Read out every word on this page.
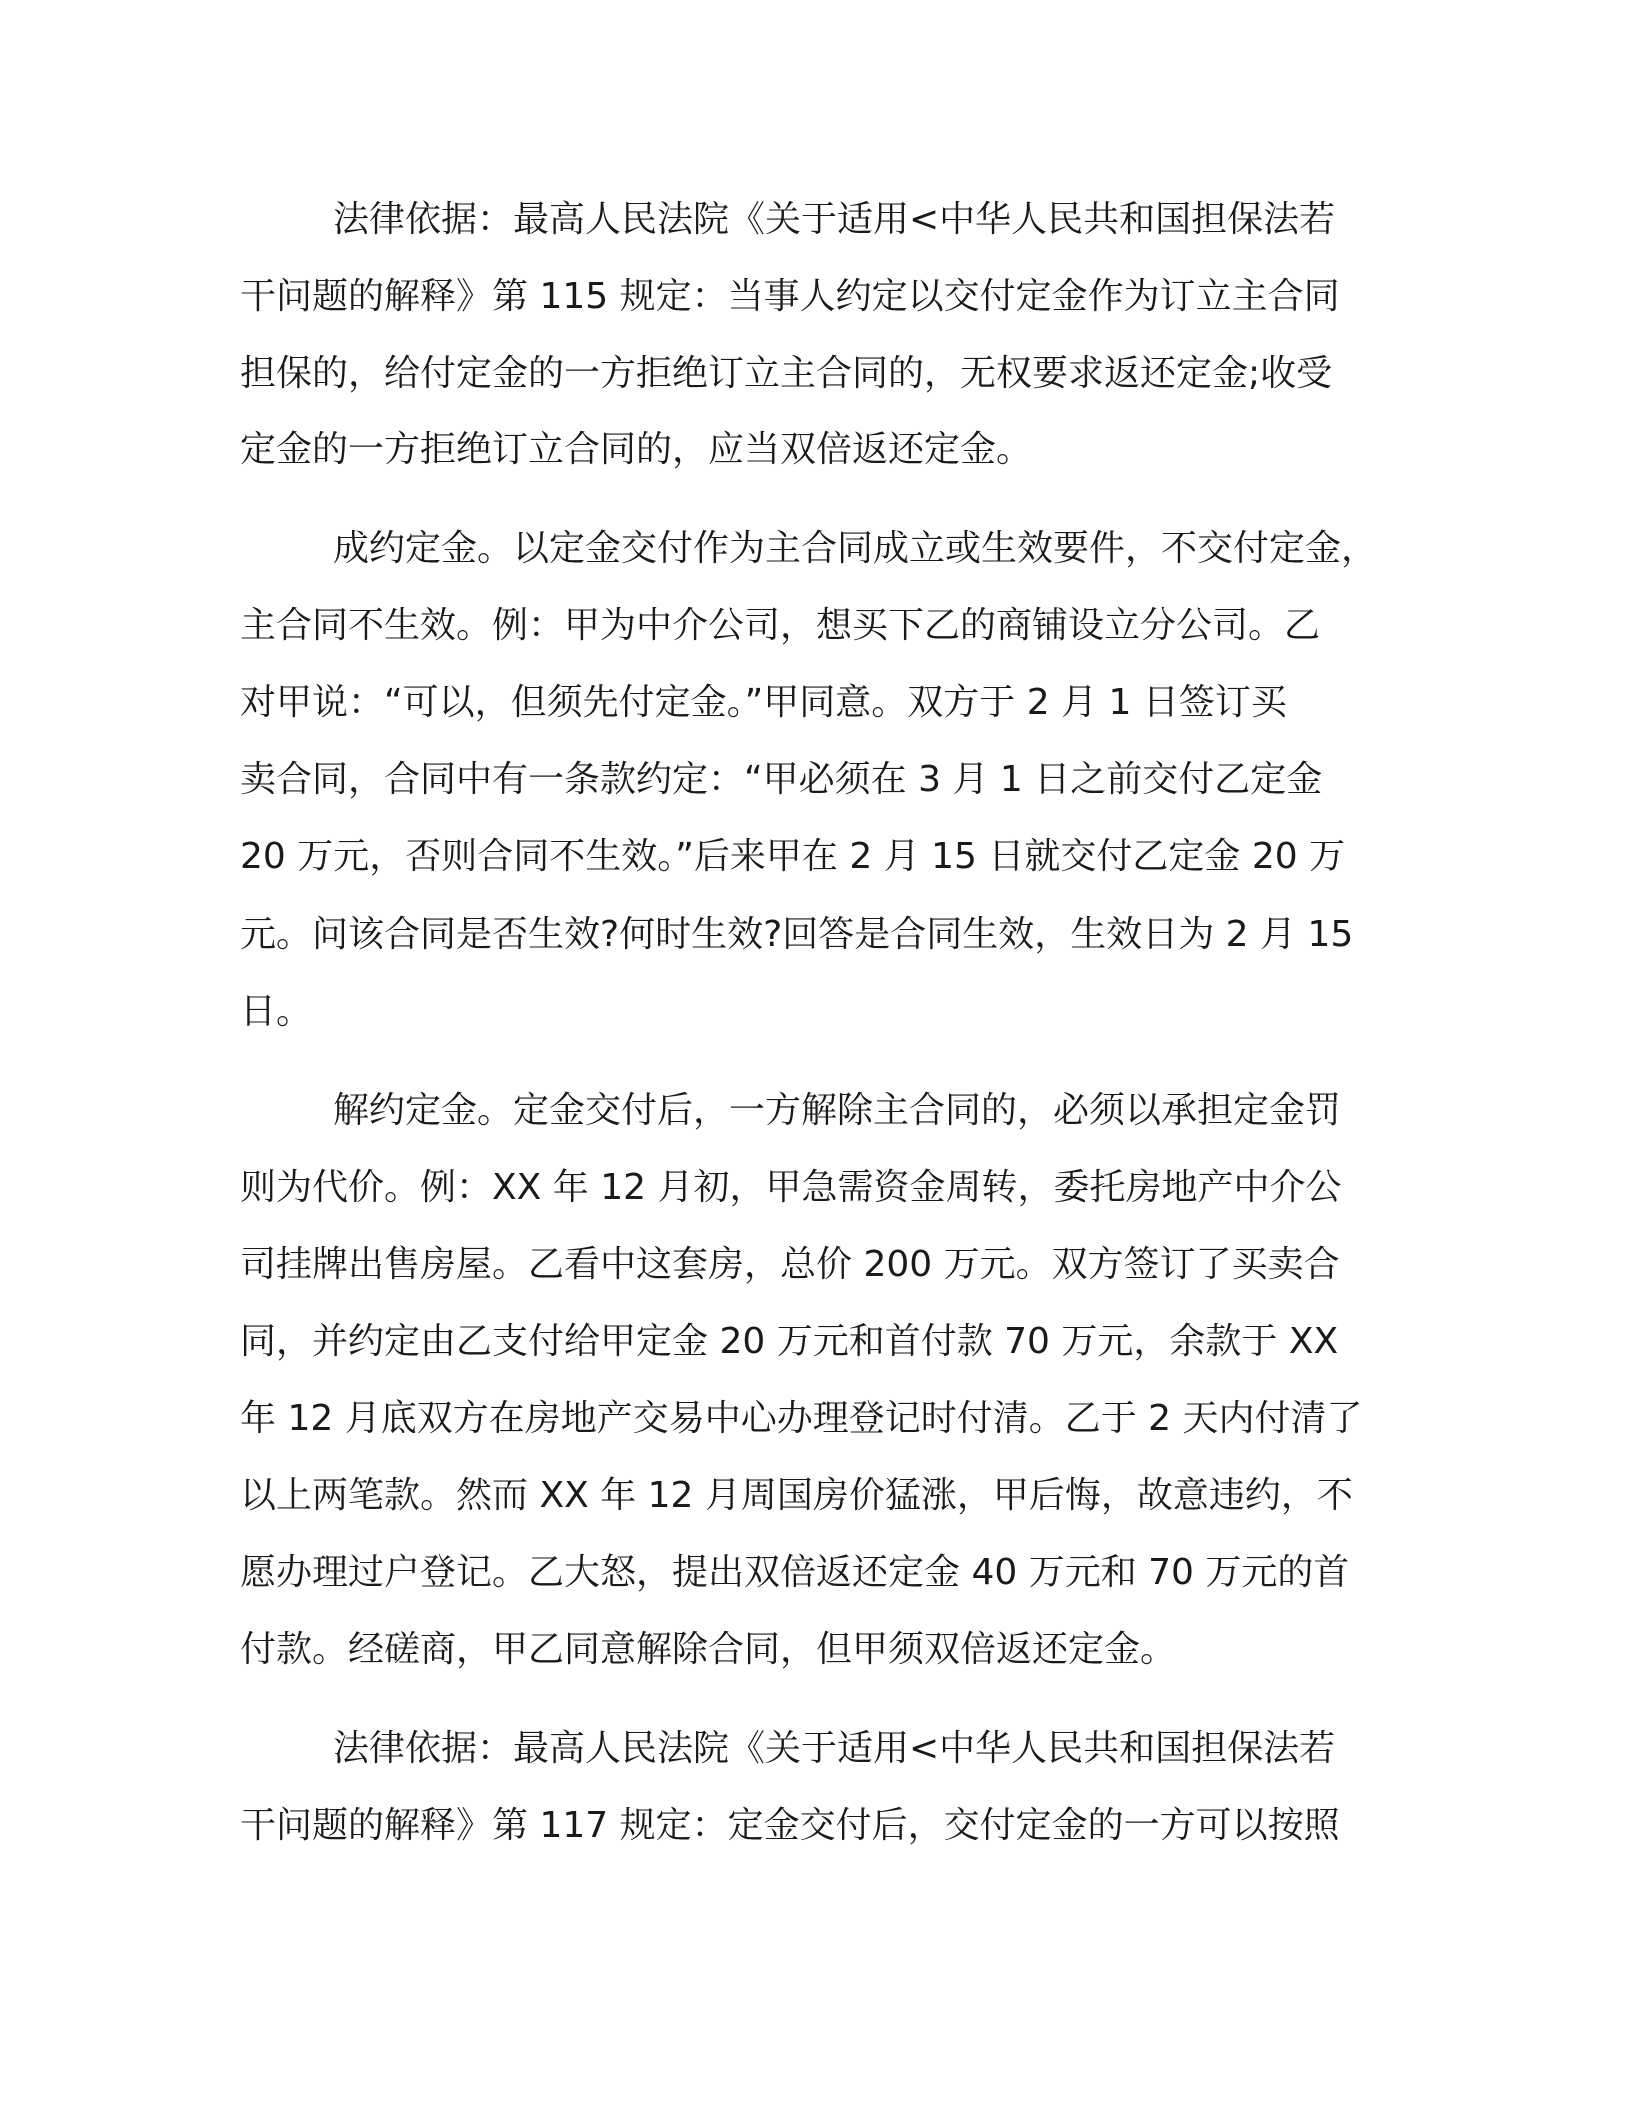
法律依据：最高人民法院《关于适用<中华人民共和国担保法若
干问题的解释》第 115 规定：当事人约定以交付定金作为订立主合同
担保的，给付定金的一方拒绝订立主合同的，无权要求返还定金;收受
定金的一方拒绝订立合同的，应当双倍返还定金。
成约定金。以定金交付作为主合同成立或生效要件，不交付定金，
主合同不生效。例：甲为中介公司，想买下乙的商铺设立分公司。乙
对甲说：“可以，但须先付定金。”甲同意。双方于 2 月 1 日签订买
卖合同，合同中有一条款约定：“甲必须在 3 月 1 日之前交付乙定金
20 万元，否则合同不生效。”后来甲在 2 月 15 日就交付乙定金 20 万
元。问该合同是否生效?何时生效?回答是合同生效，生效日为 2 月 15
日。
解约定金。定金交付后，一方解除主合同的，必须以承担定金罚
则为代价。例：XX 年 12 月初，甲急需资金周转，委托房地产中介公
司挂牌出售房屋。乙看中这套房，总价 200 万元。双方签订了买卖合
同，并约定由乙支付给甲定金 20 万元和首付款 70 万元，余款于 XX
年 12 月底双方在房地产交易中心办理登记时付清。乙于 2 天内付清了
以上两笔款。然而 XX 年 12 月周国房价猛涨，甲后悔，故意违约，不
愿办理过户登记。乙大怒，提出双倍返还定金 40 万元和 70 万元的首
付款。经磋商，甲乙同意解除合同，但甲须双倍返还定金。
法律依据：最高人民法院《关于适用<中华人民共和国担保法若
干问题的解释》第 117 规定：定金交付后，交付定金的一方可以按照
